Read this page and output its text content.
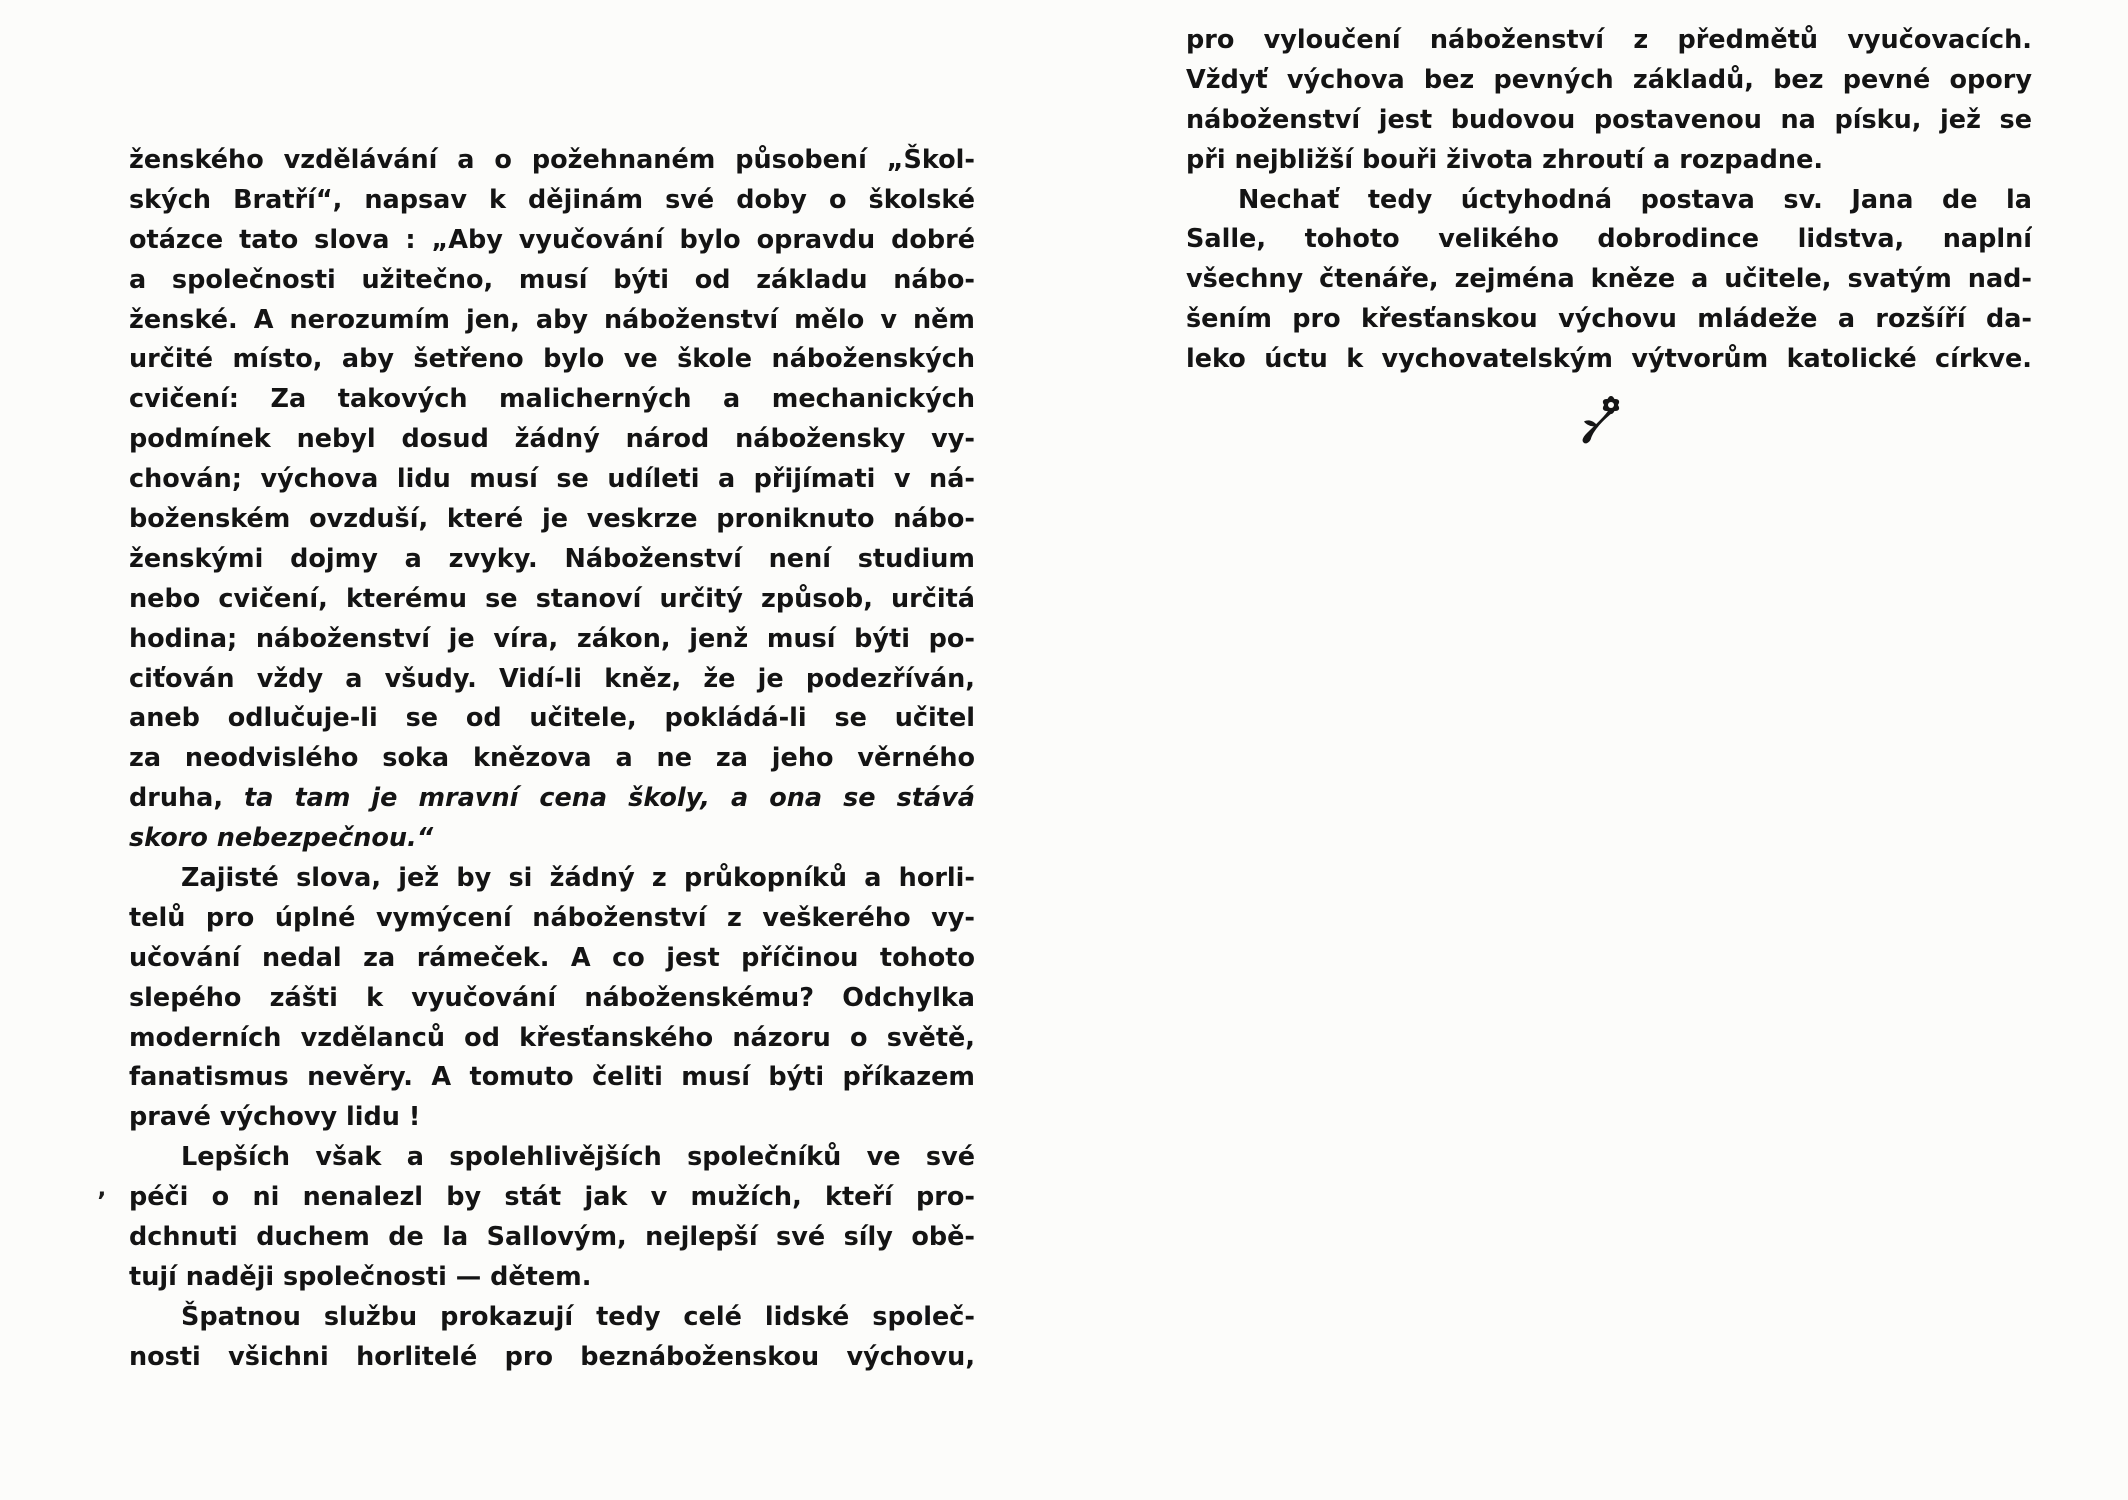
ženského vzdělávání a o požehnaném působení „Škol-
ských Bratří“, napsav k dějinám své doby o školské
otázce tato slova : „Aby vyučování bylo opravdu dobré
a společnosti užitečno, musí býti od základu nábo-
ženské. A nerozumím jen, aby náboženství mělo v něm
určité místo, aby šetřeno bylo ve škole náboženských
cvičení: Za takových malicherných a mechanických
podmínek nebyl dosud žádný národ nábožensky vy-
chován; výchova lidu musí se udíleti a přijímati v ná-
boženském ovzduší, které je veskrze proniknuto nábo-
ženskými dojmy a zvyky. Náboženství není studium
nebo cvičení, kterému se stanoví určitý způsob, určitá
hodina; náboženství je víra, zákon, jenž musí býti po-
ciťován vždy a všudy. Vidí-li kněz, že je podezříván,
aneb odlučuje-li se od učitele, pokládá-li se učitel
za neodvislého soka knězova a ne za jeho věrného
druha, ta tam je mravní cena školy, a ona se stává
skoro nebezpečnou.“
Zajisté slova, jež by si žádný z průkopníků a horli-
telů pro úplné vymýcení náboženství z veškerého vy-
učování nedal za rámeček. A co jest příčinou tohoto
slepého zášti k vyučování náboženskému? Odchylka
moderních vzdělanců od křesťanského názoru o světě,
fanatismus nevěry. A tomuto čeliti musí býti příkazem
pravé výchovy lidu !
Lepších však a spolehlivějších společníků ve své
péči o ni nenalezl by stát jak v mužích, kteří pro-
dchnuti duchem de la Sallovým, nejlepší své síly obě-
tují naději společnosti — dětem.
Špatnou službu prokazují tedy celé lidské společ-
nosti všichni horlitelé pro beznáboženskou výchovu,
pro vyloučení náboženství z předmětů vyučovacích.
Vždyť výchova bez pevných základů, bez pevné opory
náboženství jest budovou postavenou na písku, jež se
při nejbližší bouři života zhroutí a rozpadne.
Nechať tedy úctyhodná postava sv. Jana de la
Salle, tohoto velikého dobrodince lidstva, naplní
všechny čtenáře, zejména kněze a učitele, svatým nad-
šením pro křesťanskou výchovu mládeže a rozšíří da-
leko úctu k vychovatelským výtvorům katolické církve.
‚
